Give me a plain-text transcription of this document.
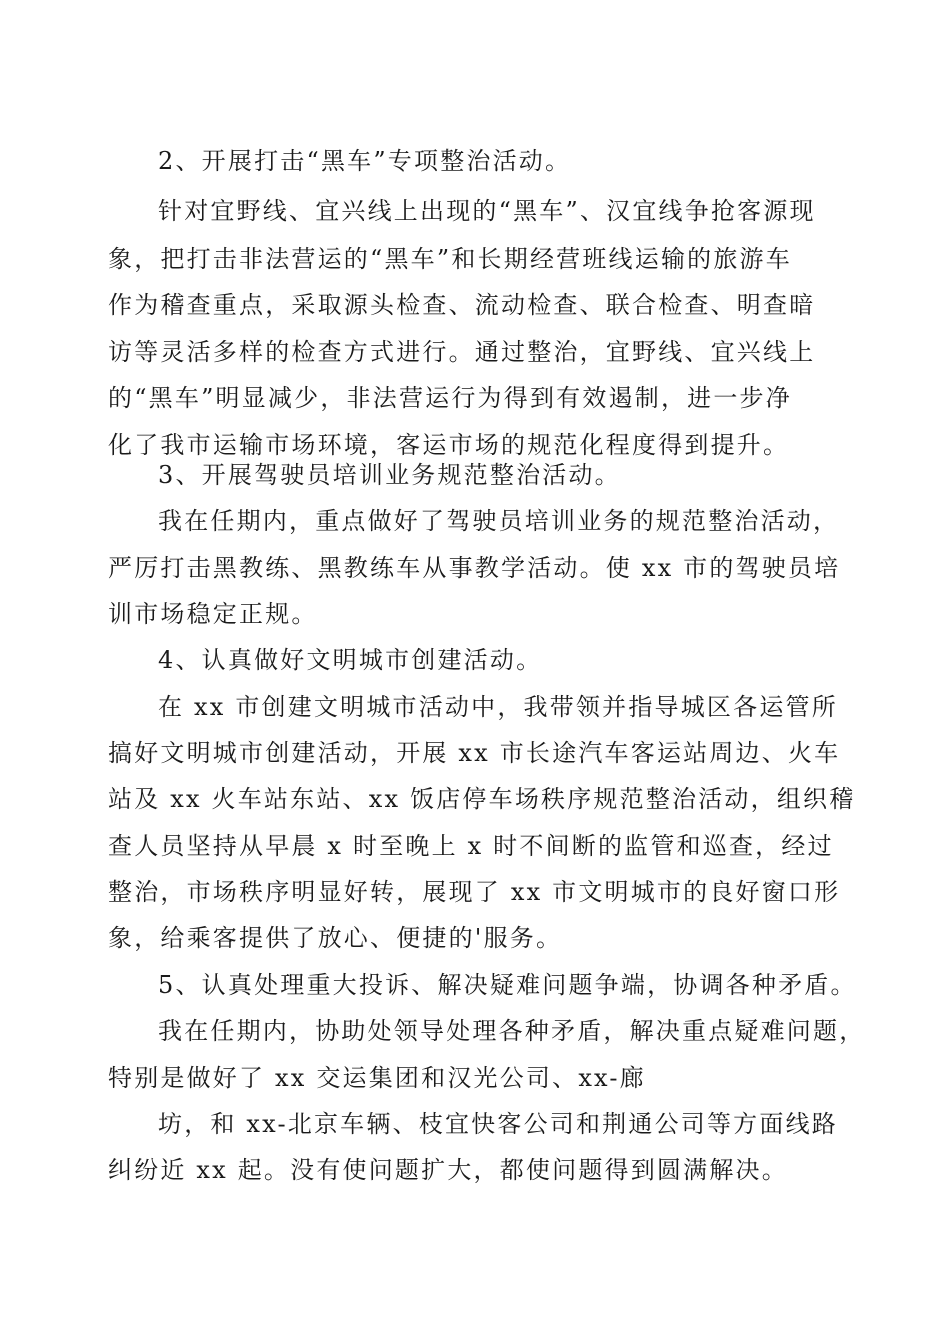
2、开展打击“黑车”专项整治活动。
针对宜野线、宜兴线上出现的“黑车”、汉宜线争抢客源现
象，把打击非法营运的“黑车”和长期经营班线运输的旅游车
作为稽查重点，采取源头检查、流动检查、联合检查、明查暗
访等灵活多样的检查方式进行。通过整治，宜野线、宜兴线上
的“黑车”明显减少，非法营运行为得到有效遏制，进一步净
化了我市运输市场环境，客运市场的规范化程度得到提升。
3、开展驾驶员培训业务规范整治活动。
我在任期内，重点做好了驾驶员培训业务的规范整治活动，
严厉打击黑教练、黑教练车从事教学活动。使 xx 市的驾驶员培
训市场稳定正规。
4、认真做好文明城市创建活动。
在 xx 市创建文明城市活动中，我带领并指导城区各运管所
搞好文明城市创建活动，开展 xx 市长途汽车客运站周边、火车
站及 xx 火车站东站、xx 饭店停车场秩序规范整治活动，组织稽
查人员坚持从早晨 x 时至晚上 x 时不间断的监管和巡查，经过
整治，市场秩序明显好转，展现了 xx 市文明城市的良好窗口形
象，给乘客提供了放心、便捷的'服务。
5、认真处理重大投诉、解决疑难问题争端，协调各种矛盾。
我在任期内，协助处领导处理各种矛盾，解决重点疑难问题，
特别是做好了 xx 交运集团和汉光公司、xx-廊
坊，和 xx-北京车辆、枝宜快客公司和荆通公司等方面线路
纠纷近 xx 起。没有使问题扩大，都使问题得到圆满解决。
